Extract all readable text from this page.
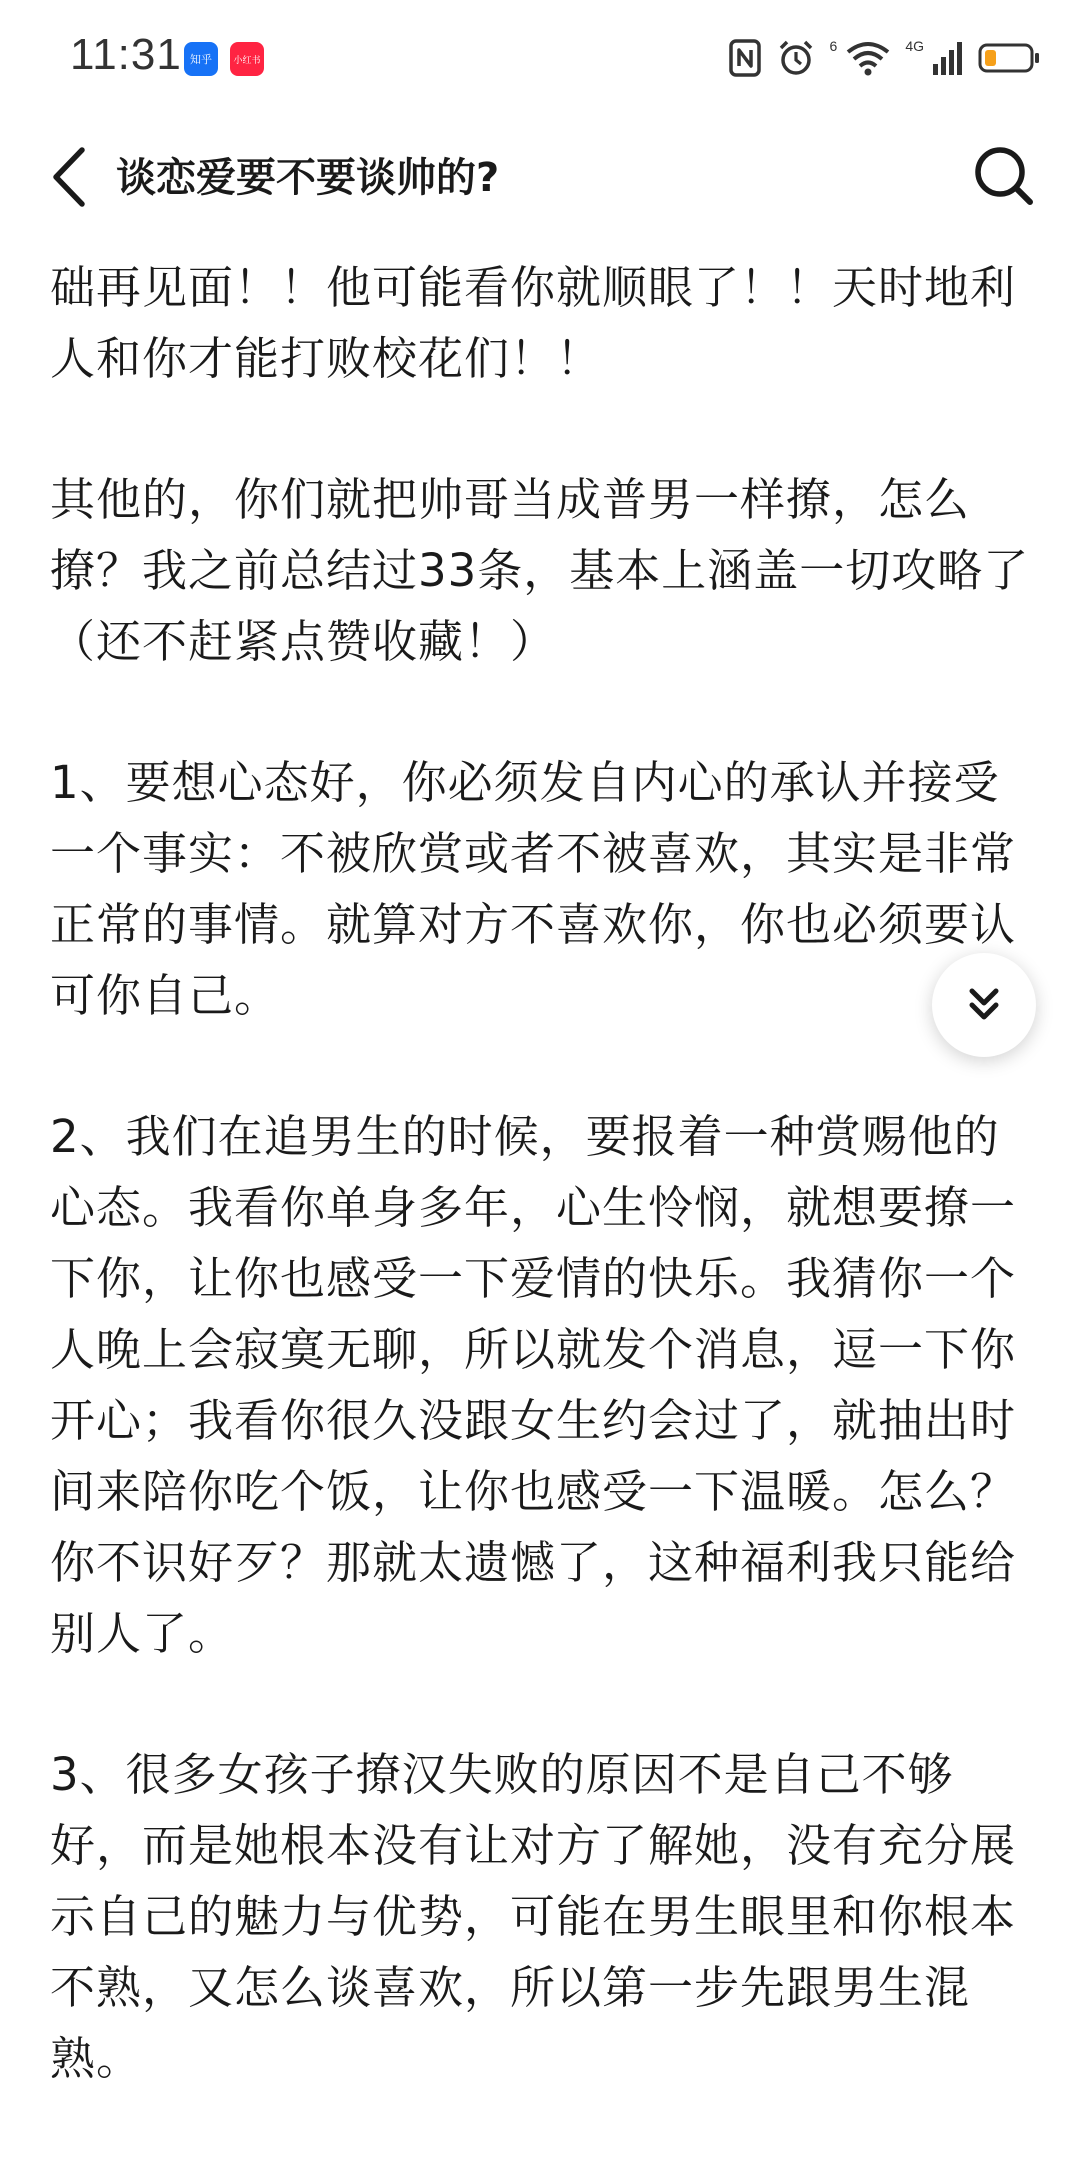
11:31 知乎 小红书
6	4G
谈恋爱要不要谈帅的?

础再见面！！他可能看你就顺眼了！！天时地利人和你才能打败校花们！！

其他的，你们就把帅哥当成普男一样撩，怎么撩？我之前总结过33条，基本上涵盖一切攻略了（还不赶紧点赞收藏！）

1、要想心态好，你必须发自内心的承认并接受一个事实：不被欣赏或者不被喜欢，其实是非常正常的事情。就算对方不喜欢你，你也必须要认可你自己。

2、我们在追男生的时候，要报着一种赏赐他的心态。我看你单身多年，心生怜悯，就想要撩一下你，让你也感受一下爱情的快乐。我猜你一个人晚上会寂寞无聊，所以就发个消息，逗一下你开心；我看你很久没跟女生约会过了，就抽出时间来陪你吃个饭，让你也感受一下温暖。怎么？你不识好歹？那就太遗憾了，这种福利我只能给别人了。

3、很多女孩子撩汉失败的原因不是自己不够好，而是她根本没有让对方了解她，没有充分展示自己的魅力与优势，可能在男生眼里和你根本不熟，又怎么谈喜欢，所以第一步先跟男生混熟。
